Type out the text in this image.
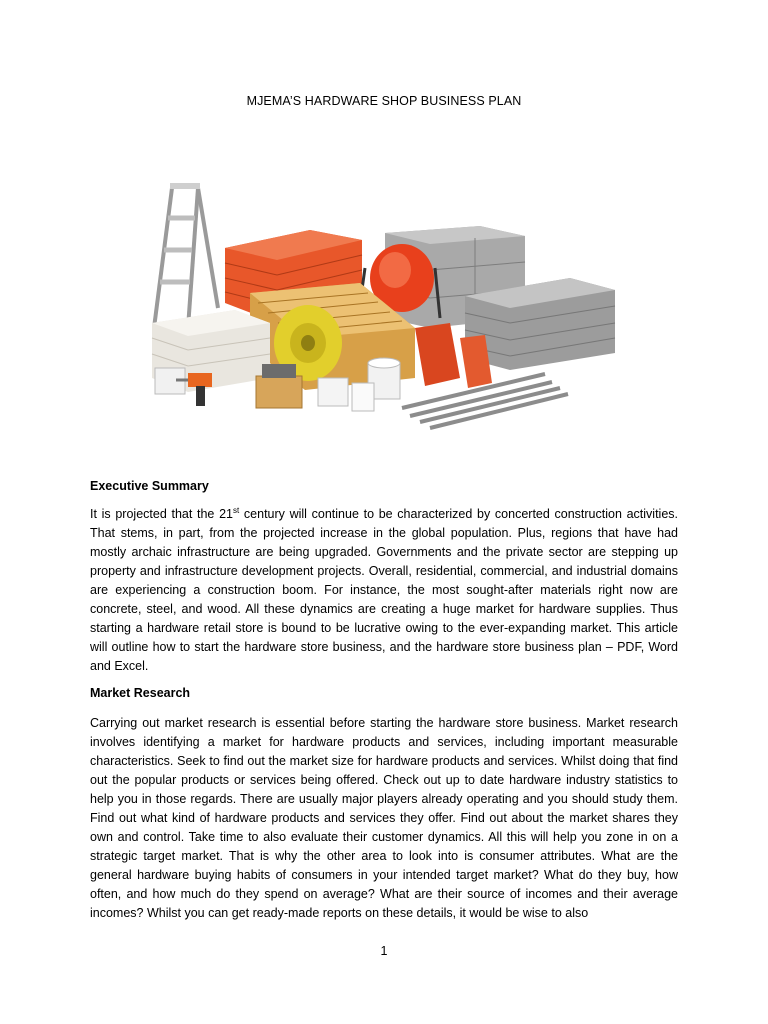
MJEMA’S HARDWARE SHOP BUSINESS PLAN
Executive Summary
It is projected that the 21st century will continue to be characterized by concerted construction activities. That stems, in part, from the projected increase in the global population. Plus, regions that have had mostly archaic infrastructure are being upgraded. Governments and the private sector are stepping up property and infrastructure development projects. Overall, residential, commercial, and industrial domains are experiencing a construction boom. For instance, the most sought-after materials right now are concrete, steel, and wood. All these dynamics are creating a huge market for hardware supplies. Thus starting a hardware retail store is bound to be lucrative owing to the ever-expanding market. This article will outline how to start the hardware store business, and the hardware store business plan – PDF, Word and Excel.
Market Research
Carrying out market research is essential before starting the hardware store business. Market research involves identifying a market for hardware products and services, including important measurable characteristics. Seek to find out the market size for hardware products and services. Whilst doing that find out the popular products or services being offered. Check out up to date hardware industry statistics to help you in those regards. There are usually major players already operating and you should study them. Find out what kind of hardware products and services they offer. Find out about the market shares they own and control. Take time to also evaluate their customer dynamics. All this will help you zone in on a strategic target market. That is why the other area to look into is consumer attributes. What are the general hardware buying habits of consumers in your intended target market? What do they buy, how often, and how much do they spend on average? What are their source of incomes and their average incomes? Whilst you can get ready-made reports on these details, it would be wise to also
1
